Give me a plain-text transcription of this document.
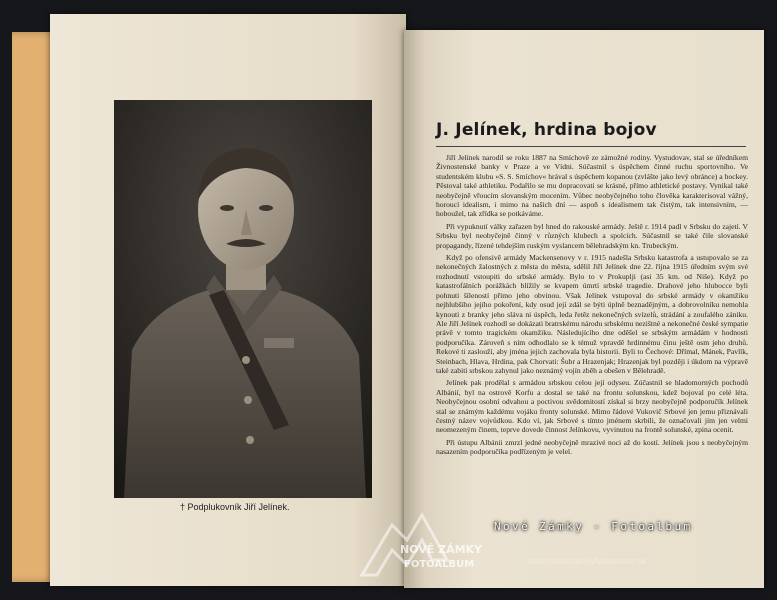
† Podplukovník Jiří Jelínek.
J. Jelínek, hrdina bojov

Jiří Jelínek narodil se roku 1887 na Smíchově ze zámožné rodiny. Vystudovav, stal se úředníkem Živnostenské banky v Praze a ve Vídni. Súčastnil s úspěchem činné ruchu sportovního. Ve studentském klubu »S. S. Smíchov« hrával s úspěchem kopanou (zvlášte jako levý obránce) a hockey. Pěstoval také athletiku. Podařilo se mu dopracovati se krásné, přímo athletické postavy. Vynikal také neobyčejně vřoucím slovanským mocením. Vůbec neobyčejného toho člověka karakterisoval vážný, horoucí idealism, i mimo na našich dní — aspoň s idealismem tak čistým, tak intensivním, — hoboužel, tak zřídka se potkáváme.

Při vypuknutí války zařazen byl hned do rakouské armády. Ještě r. 1914 padl v Srbsku do zajetí. V Srbsku byl neobyčejně činný v různých klubech a spolcích. Súčastnil se také čile slovanské propagandy, řízené tehdejším ruským vyslancem bělehradským kn. Trubeckým.

Když po ofensivě armády Mackensenovy v r. 1915 nadešla Srbsku katastrofa a ustupovalo se za nekonečných žalostných z města do města, sdělil Jiří Jelínek dne 22. října 1915 úředním svým své rozhodnutí vstoupiti do srbské armády. Bylo to v Prokuplji (asi 35 km. od Niše). Když po katastrofálních porážkách blížily se kvapem úmrtí srbské tragedie. Drahové jeho hlubocce byli pohnuti šíleností přímo jeho obvinou. Však Jelínek vstupoval do srbské armády v okamžiku nejhlubšího jejího pokoření, kdy osud její zdál se býti úplně beznadějným, a dobrovolníku nemohla kynouti z branky jeho sláva ni úspěch, leda řetěz nekonečných svízelů, strádání a zoufalého zániku. Ale Jiří Jelínek rozhodl se dokázati bratrskému národu srbskému nezištné a nekonečné české sympatie právě v tomto tragickém okamžiku. Následujícího dne oděšel se srbským armádám v hodnosti podporučíka. Zároveň s ním odhodlalo se k témuž vpravdě hrdinnému činu ještě osm jeho druhů. Rekové ti zaslouží, aby jména jejich zachovala byla historii. Byli to Čechové: Dřímal, Mánek, Pavlík, Steinbach, Hlava, Hrdina, pak Chorvati: Šubr a Hrazenjak; Hrazenjak byl později i úkdom na výpravě také zabiti srbskou zahynul jako neznámý vojín zběh a obešen v Bělehradě.

Jelínek pak prodělal s armádou srbskou celou její odyseu. Zúčastnil se hladomorných pochodů Albánií, byl na ostrově Korfu a dostal se také na frontu solunskou, kdež bojoval po celé léta. Neobyčejnou osobní odvahou a poctivou svědomitostí získal si brzy neobyčejně podporučík Jelínek stal se známým každému vojáku fronty solunské. Mimo řádové Vukovič Srbové jen jemu přiznávali čestný název vojvůdkou. Kdo ví, jak Srbové s tímto jménem skrbili, že označovali jím jen velmi neomezeným činem, teprve dovede činnost Jelínkovu, vyvinutou na frontě solunské, zpina ocenit.

Při ústupu Albánii zmrzl jedné neobyčejně mrazivé noci až do kostí. Jelínek jsou s neobyčejným nasazením podporučíka podřízeným je velel.

NOVÉ ZÁMKY
FOTOALBUM
Nové Zámky - Fotoalbum
www.novezamkyfotoalbum.sk
